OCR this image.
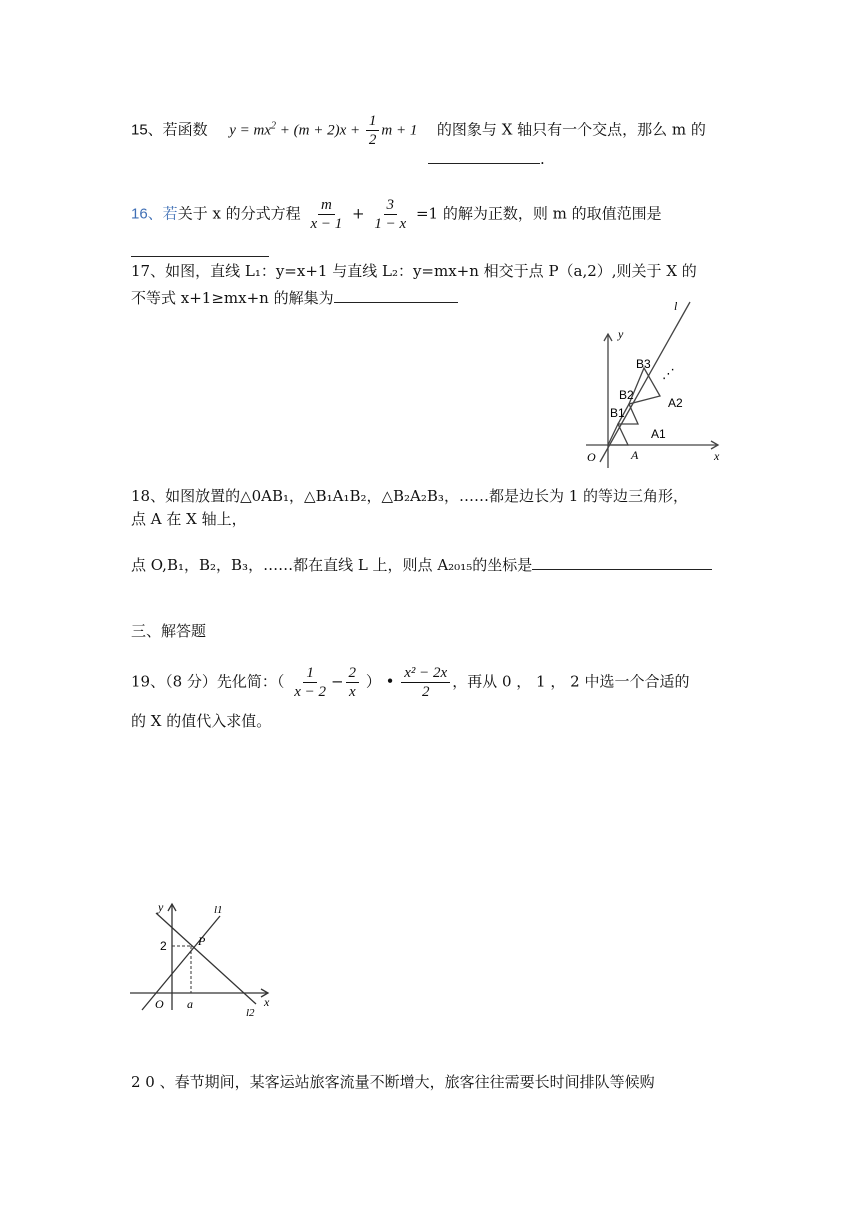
15、若函数 $y = mx^2 + (m + 2)x + \frac{1}{2}$ m + 1 的图象与 X 轴只有一个交点，那么 m 的
.
16、若关于 x 的分式方程 $\frac{m}{x - 1} + \frac{3}{1 - x} =1$ 的解为正数，则 m 的取值范围是
17、如图，直线 L₁：y=x+1 与直线 L₂：y=mx+n 相交于点 P（a,2）,则关于 X 的
不等式 x+1≥mx+n 的解集为	l
y
x
O	A
B1
B2
B3
A1
A2
⋰
18、如图放置的△0AB₁，△B₁A₁B₂，△B₂A₂B₃，……都是边长为 1 的等边三角形，
点 A 在 X 轴上，
点 O,B₁，B₂，B₃，……都在直线 L 上，则点 A₂₀₁₅的坐标是
三、解答题
19、（8 分）先化简：（ $\frac{1}{x - 2} - \frac{2}{x}$ ） • $\frac{\text{x² − 2x}}{2}$ ，再从 0 ， 1 ， 2 中选一个合适的
的 X 的值代入求值。
y
x
O a
2	P
l1
l2
2 0 、春节期间，某客运站旅客流量不断增大，旅客往往需要长时间排队等候购
